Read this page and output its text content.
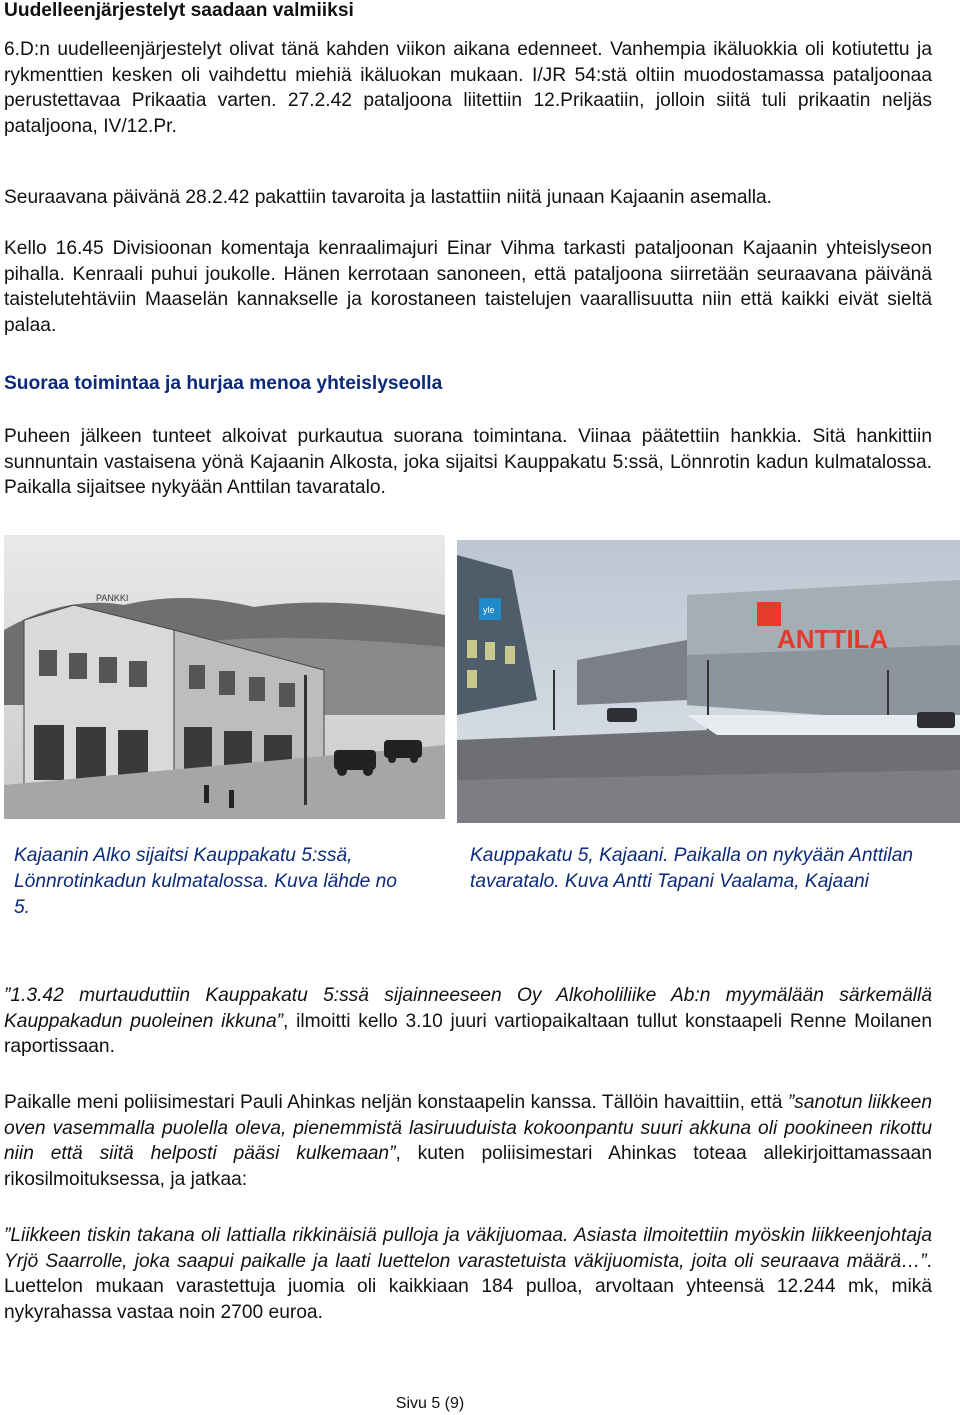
Uudelleenjärjestelyt saadaan valmiiksi

6.D:n uudelleenjärjestelyt olivat tänä kahden viikon aikana edenneet. Vanhempia ikäluokkia oli kotiutettu ja rykmenttien kesken oli vaihdettu miehiä ikäluokan mukaan. I/JR 54:stä oltiin muodostamassa pataljoonaa perustettavaa Prikaatia varten. 27.2.42 pataljoona liitettiin 12.Prikaatiin, jolloin siitä tuli prikaatin neljäs pataljoona, IV/12.Pr.

Seuraavana päivänä 28.2.42 pakattiin tavaroita ja lastattiin niitä junaan Kajaanin asemalla.

Kello 16.45 Divisioonan komentaja kenraalimajuri Einar Vihma tarkasti pataljoonan Kajaanin yhteislyseon pihalla. Kenraali puhui joukolle. Hänen kerrotaan sanoneen, että pataljoona siirretään seuraavana päivänä taistelutehtäviin Maaselän kannakselle ja korostaneen taistelujen vaarallisuutta niin että kaikki eivät sieltä palaa.

Suoraa toimintaa ja hurjaa menoa yhteislyseolla

Puheen jälkeen tunteet alkoivat purkautua suorana toimintana. Viinaa päätettiin hankkia. Sitä hankittiin sunnuntain vastaisena yönä Kajaanin Alkosta, joka sijaitsi Kauppakatu 5:ssä, Lönnrotin kadun kulmatalossa. Paikalla sijaitsee nykyään Anttilan tavaratalo.

PANKKI
yle
ANTTILA

Kajaanin Alko sijaitsi Kauppakatu 5:ssä, Lönnrotinkadun kulmatalossa. Kuva lähde no 5.

Kauppakatu 5, Kajaani. Paikalla on nykyään Anttilan tavaratalo. Kuva Antti Tapani Vaalama, Kajaani

”1.3.42 murtauduttiin Kauppakatu 5:ssä sijainneeseen Oy Alkoholiliike Ab:n myymälään särkemällä Kauppakadun puoleinen ikkuna”, ilmoitti kello 3.10 juuri vartiopaikaltaan tullut konstaapeli Renne Moilanen raportissaan.

Paikalle meni poliisimestari Pauli Ahinkas neljän konstaapelin kanssa. Tällöin havaittiin, että ”sanotun liikkeen oven vasemmalla puolella oleva, pienemmistä lasiruuduista kokoonpantu suuri akkuna oli pookineen rikottu niin että siitä helposti pääsi kulkemaan”, kuten poliisimestari Ahinkas toteaa allekirjoittamassaan rikosilmoituksessa, ja jatkaa:

”Liikkeen tiskin takana oli lattialla rikkinäisiä pulloja ja väkijuomaa. Asiasta ilmoitettiin myöskin liikkeenjohtaja Yrjö Saarrolle, joka saapui paikalle ja laati luettelon varastetuista väkijuomista, joita oli seuraava määrä…”. Luettelon mukaan varastettuja juomia oli kaikkiaan 184 pulloa, arvoltaan yhteensä 12.244 mk, mikä nykyrahassa vastaa noin 2700 euroa.

Sivu 5 (9)
